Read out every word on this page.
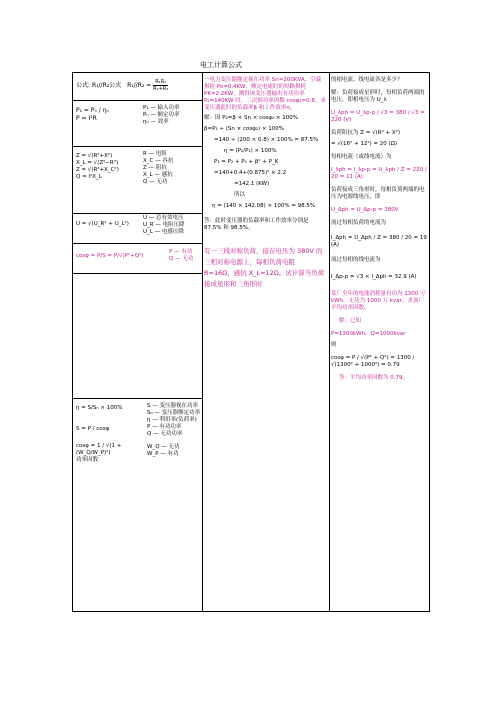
电工计算公式
公式: R₁//R₂公式 $R_1//R_2 = \frac{\text{R₁R₂}}{\text{R₁+R₂}}$
P₁ = Pₙ / ηₙ
P = I²R
P₁ — 输入功率
Pₙ — 额定功率
ηₙ — 效率
Z = √(R²+X²)
X_L = √(Z²−R²)
Z = √(R²+X_C²)
Q = I²X_L
R — 电阻
X_C — 容抗
Z — 阻抗
X_L — 感抗
Q — 无功
U = √(U_R² + U_L²)
U — 总有效电压
U_R — 电阻压降
U_L — 电感压降
cosφ = P/S = P/√(P²+Q²)
P — 有功
Q — 无功
η = S/Sₙ × 100%
S = P / cosφ
cosφ = 1 / √(1 + (W_Q/W_P)²)
功率因数
S — 变压器视在功率
Sₙ — 变压器额定功率
η — 利用率(负荷率)
P — 有功功率
Q — 无功功率
W_Q — 无功
W_P — 有功
一电力变压器额定视在功率 Sn=200KVA，空载损耗 Po=0.4KW，额定电流时的短路损耗 PK=2.2KW，测得该变压器输出有功功率 P₂=140KW 时，二次则功率因数 cosφ₂=0.8。求变压器此时的负载率β 和工作效率η。
解：因 P₂=β × Sn × cosφ₂ × 100%
β=P₂ ÷ (Sn × cosφ₂) × 100%
=140 ÷ (200 × 0.8) × 100% = 87.5%
η = (P₂/P₁) × 100%
P₁ = P₂ + P₀ + β² + P_K
=140+0.4+(0.875)² × 2.2
=142.1 (KW)
所以
η = (140 × 142.08) × 100% = 98.5%
答：此时变压器的负载率和工作效率分别是 87.5% 和 98.5%。
有一三线对称负荷，接在电压为 380V 的三相对称电源上，每相负荷电阻 R=16Ω，感抗 X_L=12Ω。试计算当负荷接成星形和三角形时
的相电流、线电流各是多少？
解：负荷接成星形时，每相负荷两端的电压，即相电压为 U_λ
U_λph = U_λp-p / √3 = 380 / √3 = 220 (V)
负荷阻抗为 Z = √(R² + X²)
= √(16² + 12²) = 20 (Ω)
每相电流（或线电流）为
I_λph = I_λp-p = U_λph / Z = 220 / 20 = 11 (A)
负荷接成三角形时，每相负荷两端的电压为电源线电压，即
U_Δph = U_Δp-p = 380V
流过每相负荷的电流为
I_Δph = U_Δph / Z = 380 / 20 = 19 (A)
流过每相的线电流为
I_Δp-p = √3 × I_Δph = 32.9 (A)
某厂全年的电能消耗量有功为 1300 万 kWh，无功为 1000 万 kvar。求该厂平均功率因数。
解：已知
P=1300kWh，Q=1000kvar
则
cosφ = P / √(P² + Q²) = 1300 / √(1300² + 1000²) = 0.79
答：平均功率因数为 0.79。
